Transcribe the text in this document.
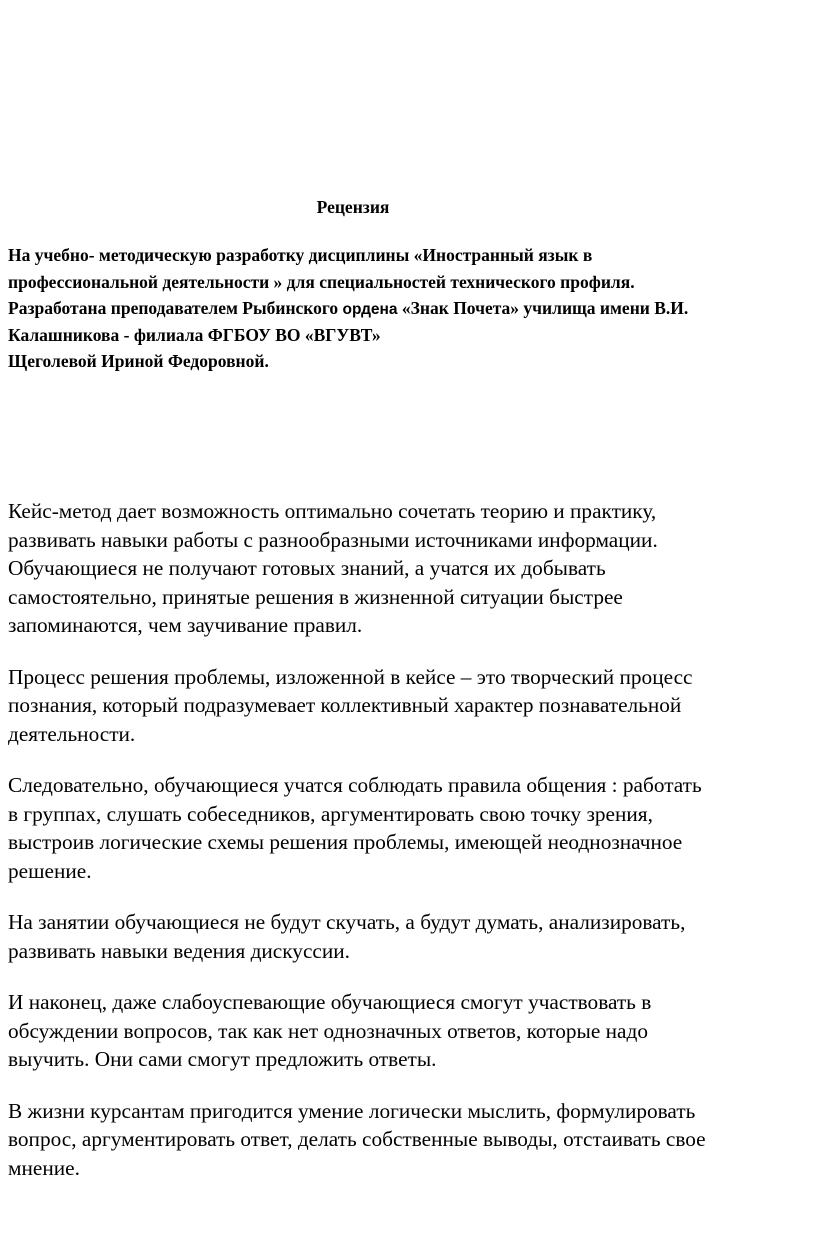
Рецензия
На учебно- методическую разработку дисциплины «Иностранный язык в
профессиональной деятельности » для специальностей технического профиля.
Разработана преподавателем Рыбинского ордена «Знак Почета» училища имени В.И.
Калашникова - филиала ФГБОУ ВО «ВГУВТ»
Щеголевой Ириной Федоровной.
Кейс-метод дает возможность оптимально сочетать теорию и практику,
развивать навыки работы с разнообразными источниками информации.
Обучающиеся не получают готовых знаний, а учатся их добывать
самостоятельно, принятые решения в жизненной ситуации быстрее
запоминаются, чем заучивание правил.
Процесс решения проблемы, изложенной в кейсе – это творческий процесс
познания, который подразумевает коллективный характер познавательной
деятельности.
Следовательно, обучающиеся учатся соблюдать правила общения : работать
в группах, слушать собеседников, аргументировать свою точку зрения,
выстроив логические схемы решения проблемы, имеющей неоднозначное
решение.
На занятии обучающиеся не будут скучать, а будут думать, анализировать,
развивать навыки ведения дискуссии.
И наконец, даже слабоуспевающие обучающиеся смогут участвовать в
обсуждении вопросов, так как нет однозначных ответов, которые надо
выучить. Они сами смогут предложить ответы.
В жизни курсантам пригодится умение логически мыслить, формулировать
вопрос, аргументировать ответ, делать собственные выводы, отстаивать свое
мнение.
